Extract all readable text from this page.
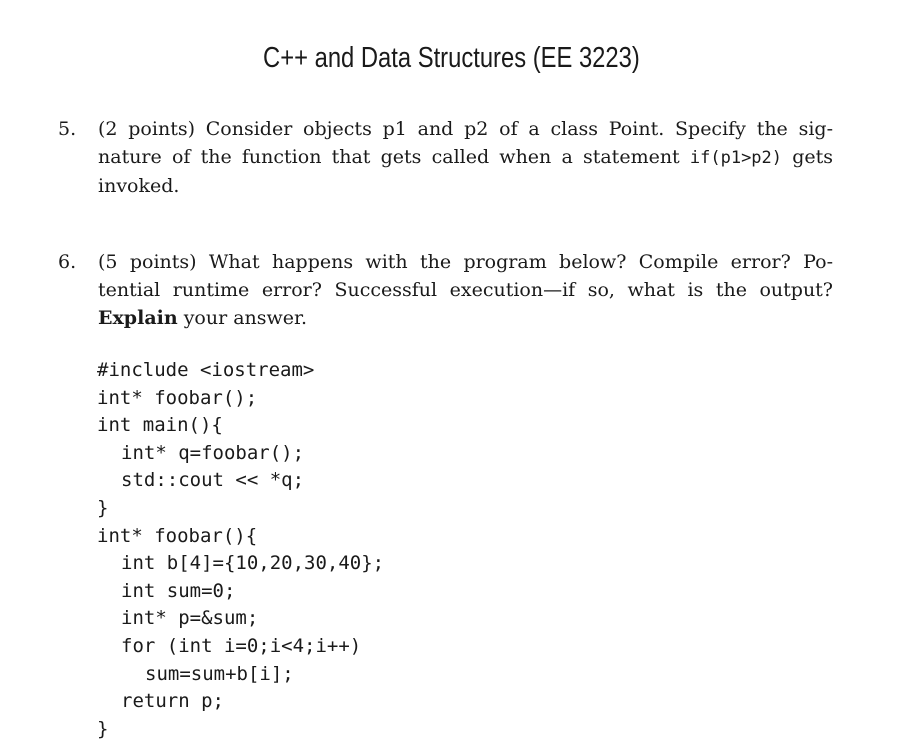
C++ and Data Structures (EE 3223)
5. (2 points) Consider objects p1 and p2 of a class Point. Specify the sig-
nature of the function that gets called when a statement if(p1>p2) gets
invoked.
6. (5 points) What happens with the program below? Compile error? Po-
tential runtime error? Successful execution—if so, what is the output?
Explain your answer.
#include <iostream>
int* foobar();
int main(){
int* q=foobar();
std::cout << *q;
}
int* foobar(){
int b[4]={10,20,30,40};
int sum=0;
int* p=&sum;
for (int i=0;i<4;i++)
sum=sum+b[i];
return p;
}
